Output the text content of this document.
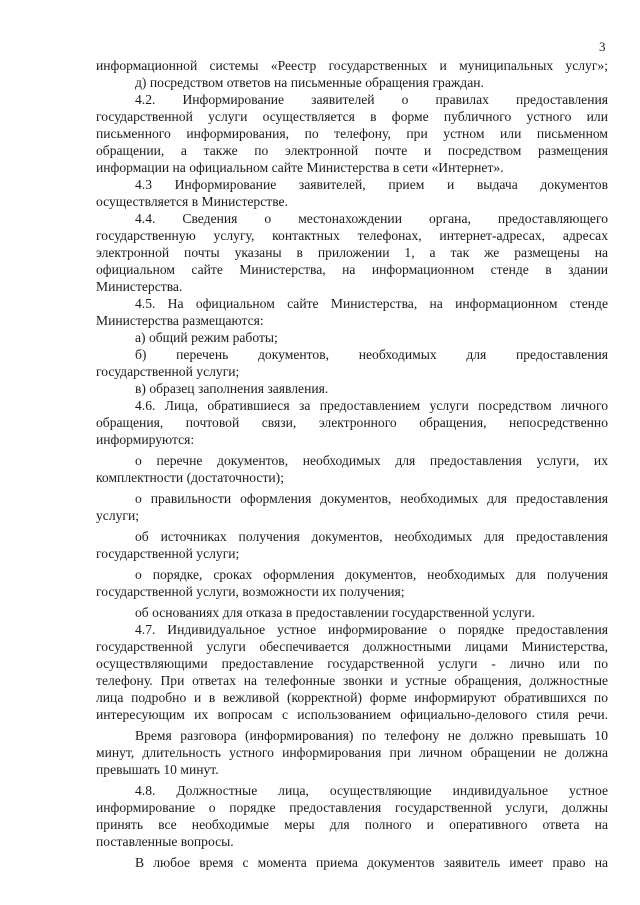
3
информационной системы «Реестр государственных и муниципальных услуг»;
д) посредством ответов на письменные обращения граждан.
4.2. Информирование заявителей о правилах предоставления
государственной услуги осуществляется в форме публичного устного или
письменного информирования, по телефону, при устном или письменном
обращении, а также по электронной почте и посредством размещения
информации на официальном сайте Министерства в сети «Интернет».
4.3 Информирование заявителей, прием и выдача документов
осуществляется в Министерстве.
4.4. Сведения о местонахождении органа, предоставляющего
государственную услугу, контактных телефонах, интернет-адресах, адресах
электронной почты указаны в приложении 1, а так же размещены на
официальном сайте Министерства, на информационном стенде в здании
Министерства.
4.5. На официальном сайте Министерства, на информационном стенде
Министерства размещаются:
а) общий режим работы;
б) перечень документов, необходимых для предоставления
государственной услуги;
в) образец заполнения заявления.
4.6. Лица, обратившиеся за предоставлением услуги посредством личного
обращения, почтовой связи, электронного обращения, непосредственно
информируются:
о перечне документов, необходимых для предоставления услуги, их
комплектности (достаточности);
о правильности оформления документов, необходимых для предоставления
услуги;
об источниках получения документов, необходимых для предоставления
государственной услуги;
о порядке, сроках оформления документов, необходимых для получения
государственной услуги, возможности их получения;
об основаниях для отказа в предоставлении государственной услуги.
4.7. Индивидуальное устное информирование о порядке предоставления
государственной услуги обеспечивается должностными лицами Министерства,
осуществляющими предоставление государственной услуги - лично или по
телефону. При ответах на телефонные звонки и устные обращения, должностные
лица подробно и в вежливой (корректной) форме информируют обратившихся по
интересующим их вопросам с использованием официально-делового стиля речи.
Время разговора (информирования) по телефону не должно превышать 10
минут, длительность устного информирования при личном обращении не должна
превышать 10 минут.
4.8. Должностные лица, осуществляющие индивидуальное устное
информирование о порядке предоставления государственной услуги, должны
принять все необходимые меры для полного и оперативного ответа на
поставленные вопросы.
В любое время с момента приема документов заявитель имеет право на
